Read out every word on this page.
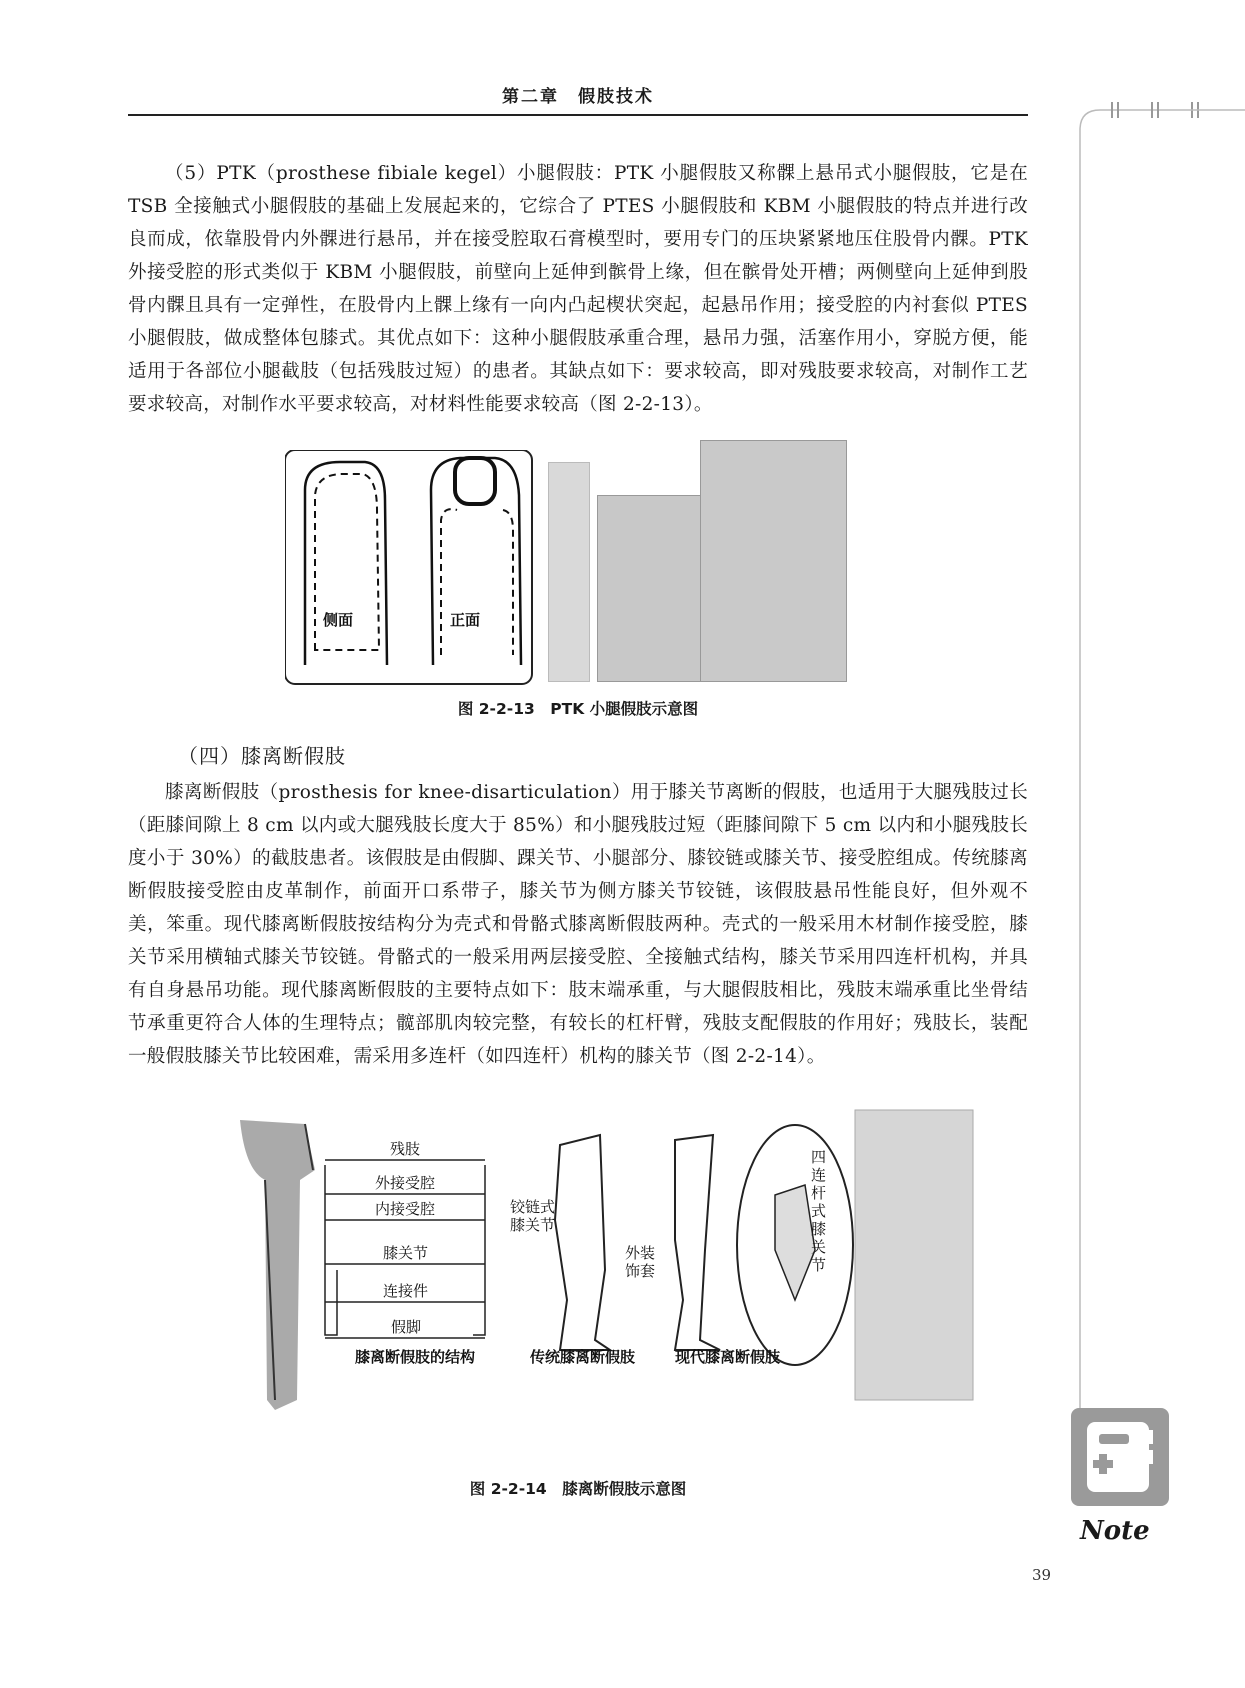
第二章　假肢技术

（5）PTK（prosthese fibiale kegel）小腿假肢：PTK 小腿假肢又称髁上悬吊式小腿假肢，它是在 TSB 全接触式小腿假肢的基础上发展起来的，它综合了 PTES 小腿假肢和 KBM 小腿假肢的特点并进行改良而成，依靠股骨内外髁进行悬吊，并在接受腔取石膏模型时，要用专门的压块紧紧地压住股骨内髁。PTK 外接受腔的形式类似于 KBM 小腿假肢，前壁向上延伸到髌骨上缘，但在髌骨处开槽；两侧壁向上延伸到股骨内髁且具有一定弹性，在股骨内上髁上缘有一向内凸起楔状突起，起悬吊作用；接受腔的内衬套似 PTES 小腿假肢，做成整体包膝式。其优点如下：这种小腿假肢承重合理，悬吊力强，活塞作用小，穿脱方便，能适用于各部位小腿截肢（包括残肢过短）的患者。其缺点如下：要求较高，即对残肢要求较高，对制作工艺要求较高，对制作水平要求较高，对材料性能要求较高（图 2-2-13）。

侧面	正面

图 2-2-13　PTK 小腿假肢示意图

（四）膝离断假肢

膝离断假肢（prosthesis for knee-disarticulation）用于膝关节离断的假肢，也适用于大腿残肢过长（距膝间隙上 8 cm 以内或大腿残肢长度大于 85%）和小腿残肢过短（距膝间隙下 5 cm 以内和小腿残肢长度小于 30%）的截肢患者。该假肢是由假脚、踝关节、小腿部分、膝铰链或膝关节、接受腔组成。传统膝离断假肢接受腔由皮革制作，前面开口系带子，膝关节为侧方膝关节铰链，该假肢悬吊性能良好，但外观不美，笨重。现代膝离断假肢按结构分为壳式和骨骼式膝离断假肢两种。壳式的一般采用木材制作接受腔，膝关节采用横轴式膝关节铰链。骨骼式的一般采用两层接受腔、全接触式结构，膝关节采用四连杆机构，并具有自身悬吊功能。现代膝离断假肢的主要特点如下：肢末端承重，与大腿假肢相比，残肢末端承重比坐骨结节承重更符合人体的生理特点；髋部肌肉较完整，有较长的杠杆臂，残肢支配假肢的作用好；残肢长，装配一般假肢膝关节比较困难，需采用多连杆（如四连杆）机构的膝关节（图 2-2-14）。

残肢
外接受腔
内接受腔
膝关节
连接件
假脚
膝离断假肢的结构
铰链式
膝关节
传统膝离断假肢
外装
饰套
四
连
杆
式
膝
关
节
现代膝离断假肢

图 2-2-14　膝离断假肢示意图

Note

39
